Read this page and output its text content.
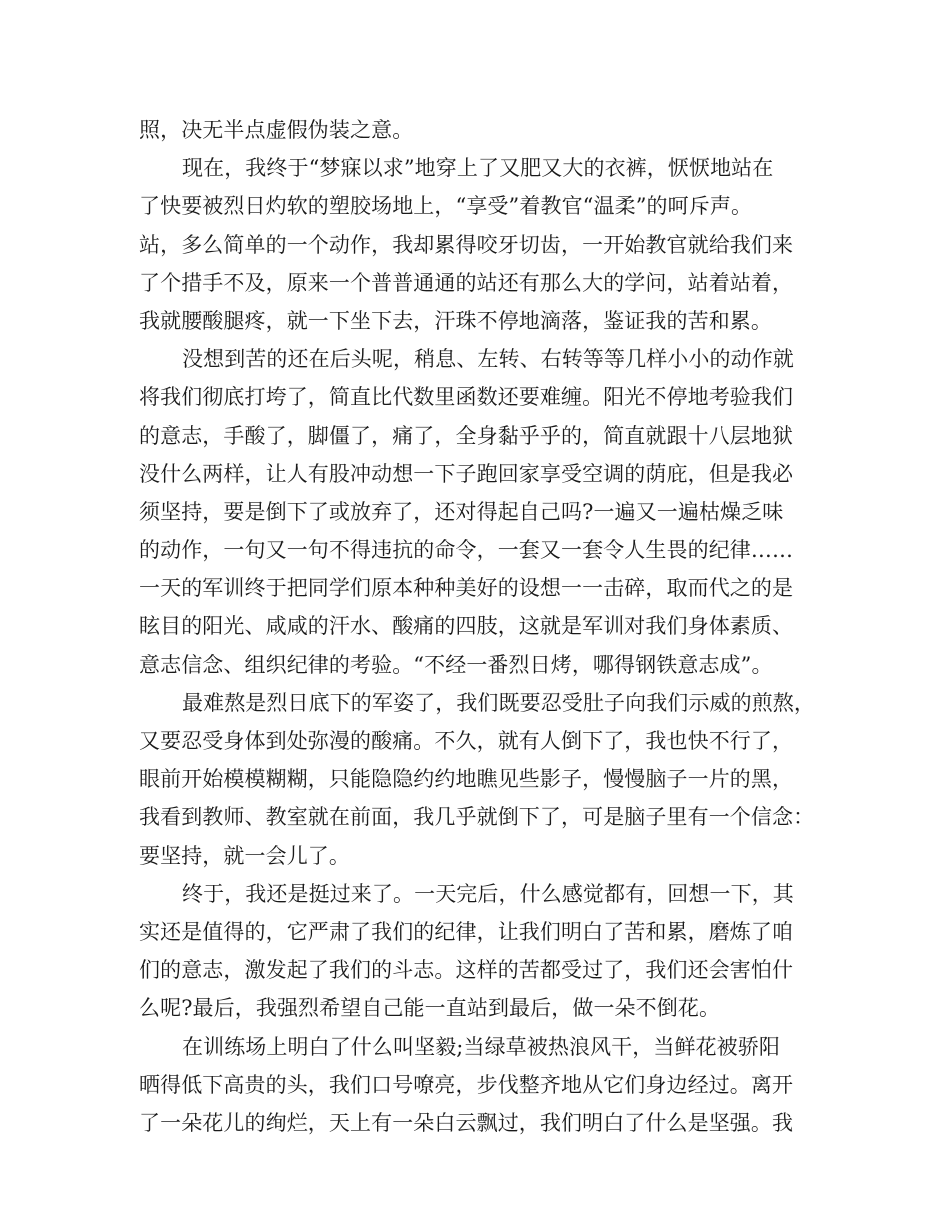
照，决无半点虚假伪装之意。
现在，我终于“梦寐以求”地穿上了又肥又大的衣裤，恹恹地站在
了快要被烈日灼软的塑胶场地上，“享受”着教官“温柔”的呵斥声。
站，多么简单的一个动作，我却累得咬牙切齿，一开始教官就给我们来
了个措手不及，原来一个普普通通的站还有那么大的学问，站着站着，
我就腰酸腿疼，就一下坐下去，汗珠不停地滴落，鉴证我的苦和累。
没想到苦的还在后头呢，稍息、左转、右转等等几样小小的动作就
将我们彻底打垮了，简直比代数里函数还要难缠。阳光不停地考验我们
的意志，手酸了，脚僵了，痛了，全身黏乎乎的，简直就跟十八层地狱
没什么两样，让人有股冲动想一下子跑回家享受空调的荫庇，但是我必
须坚持，要是倒下了或放弃了，还对得起自己吗?一遍又一遍枯燥乏味
的动作，一句又一句不得违抗的命令，一套又一套令人生畏的纪律……
一天的军训终于把同学们原本种种美好的设想一一击碎，取而代之的是
眩目的阳光、咸咸的汗水、酸痛的四肢，这就是军训对我们身体素质、
意志信念、组织纪律的考验。“不经一番烈日烤，哪得钢铁意志成”。
最难熬是烈日底下的军姿了，我们既要忍受肚子向我们示威的煎熬，
又要忍受身体到处弥漫的酸痛。不久，就有人倒下了，我也快不行了，
眼前开始模模糊糊，只能隐隐约约地瞧见些影子，慢慢脑子一片的黑，
我看到教师、教室就在前面，我几乎就倒下了，可是脑子里有一个信念：
要坚持，就一会儿了。
终于，我还是挺过来了。一天完后，什么感觉都有，回想一下，其
实还是值得的，它严肃了我们的纪律，让我们明白了苦和累，磨炼了咱
们的意志，激发起了我们的斗志。这样的苦都受过了，我们还会害怕什
么呢?最后，我强烈希望自己能一直站到最后，做一朵不倒花。
在训练场上明白了什么叫坚毅;当绿草被热浪风干，当鲜花被骄阳
晒得低下高贵的头，我们口号嘹亮，步伐整齐地从它们身边经过。离开
了一朵花儿的绚烂，天上有一朵白云飘过，我们明白了什么是坚强。我
